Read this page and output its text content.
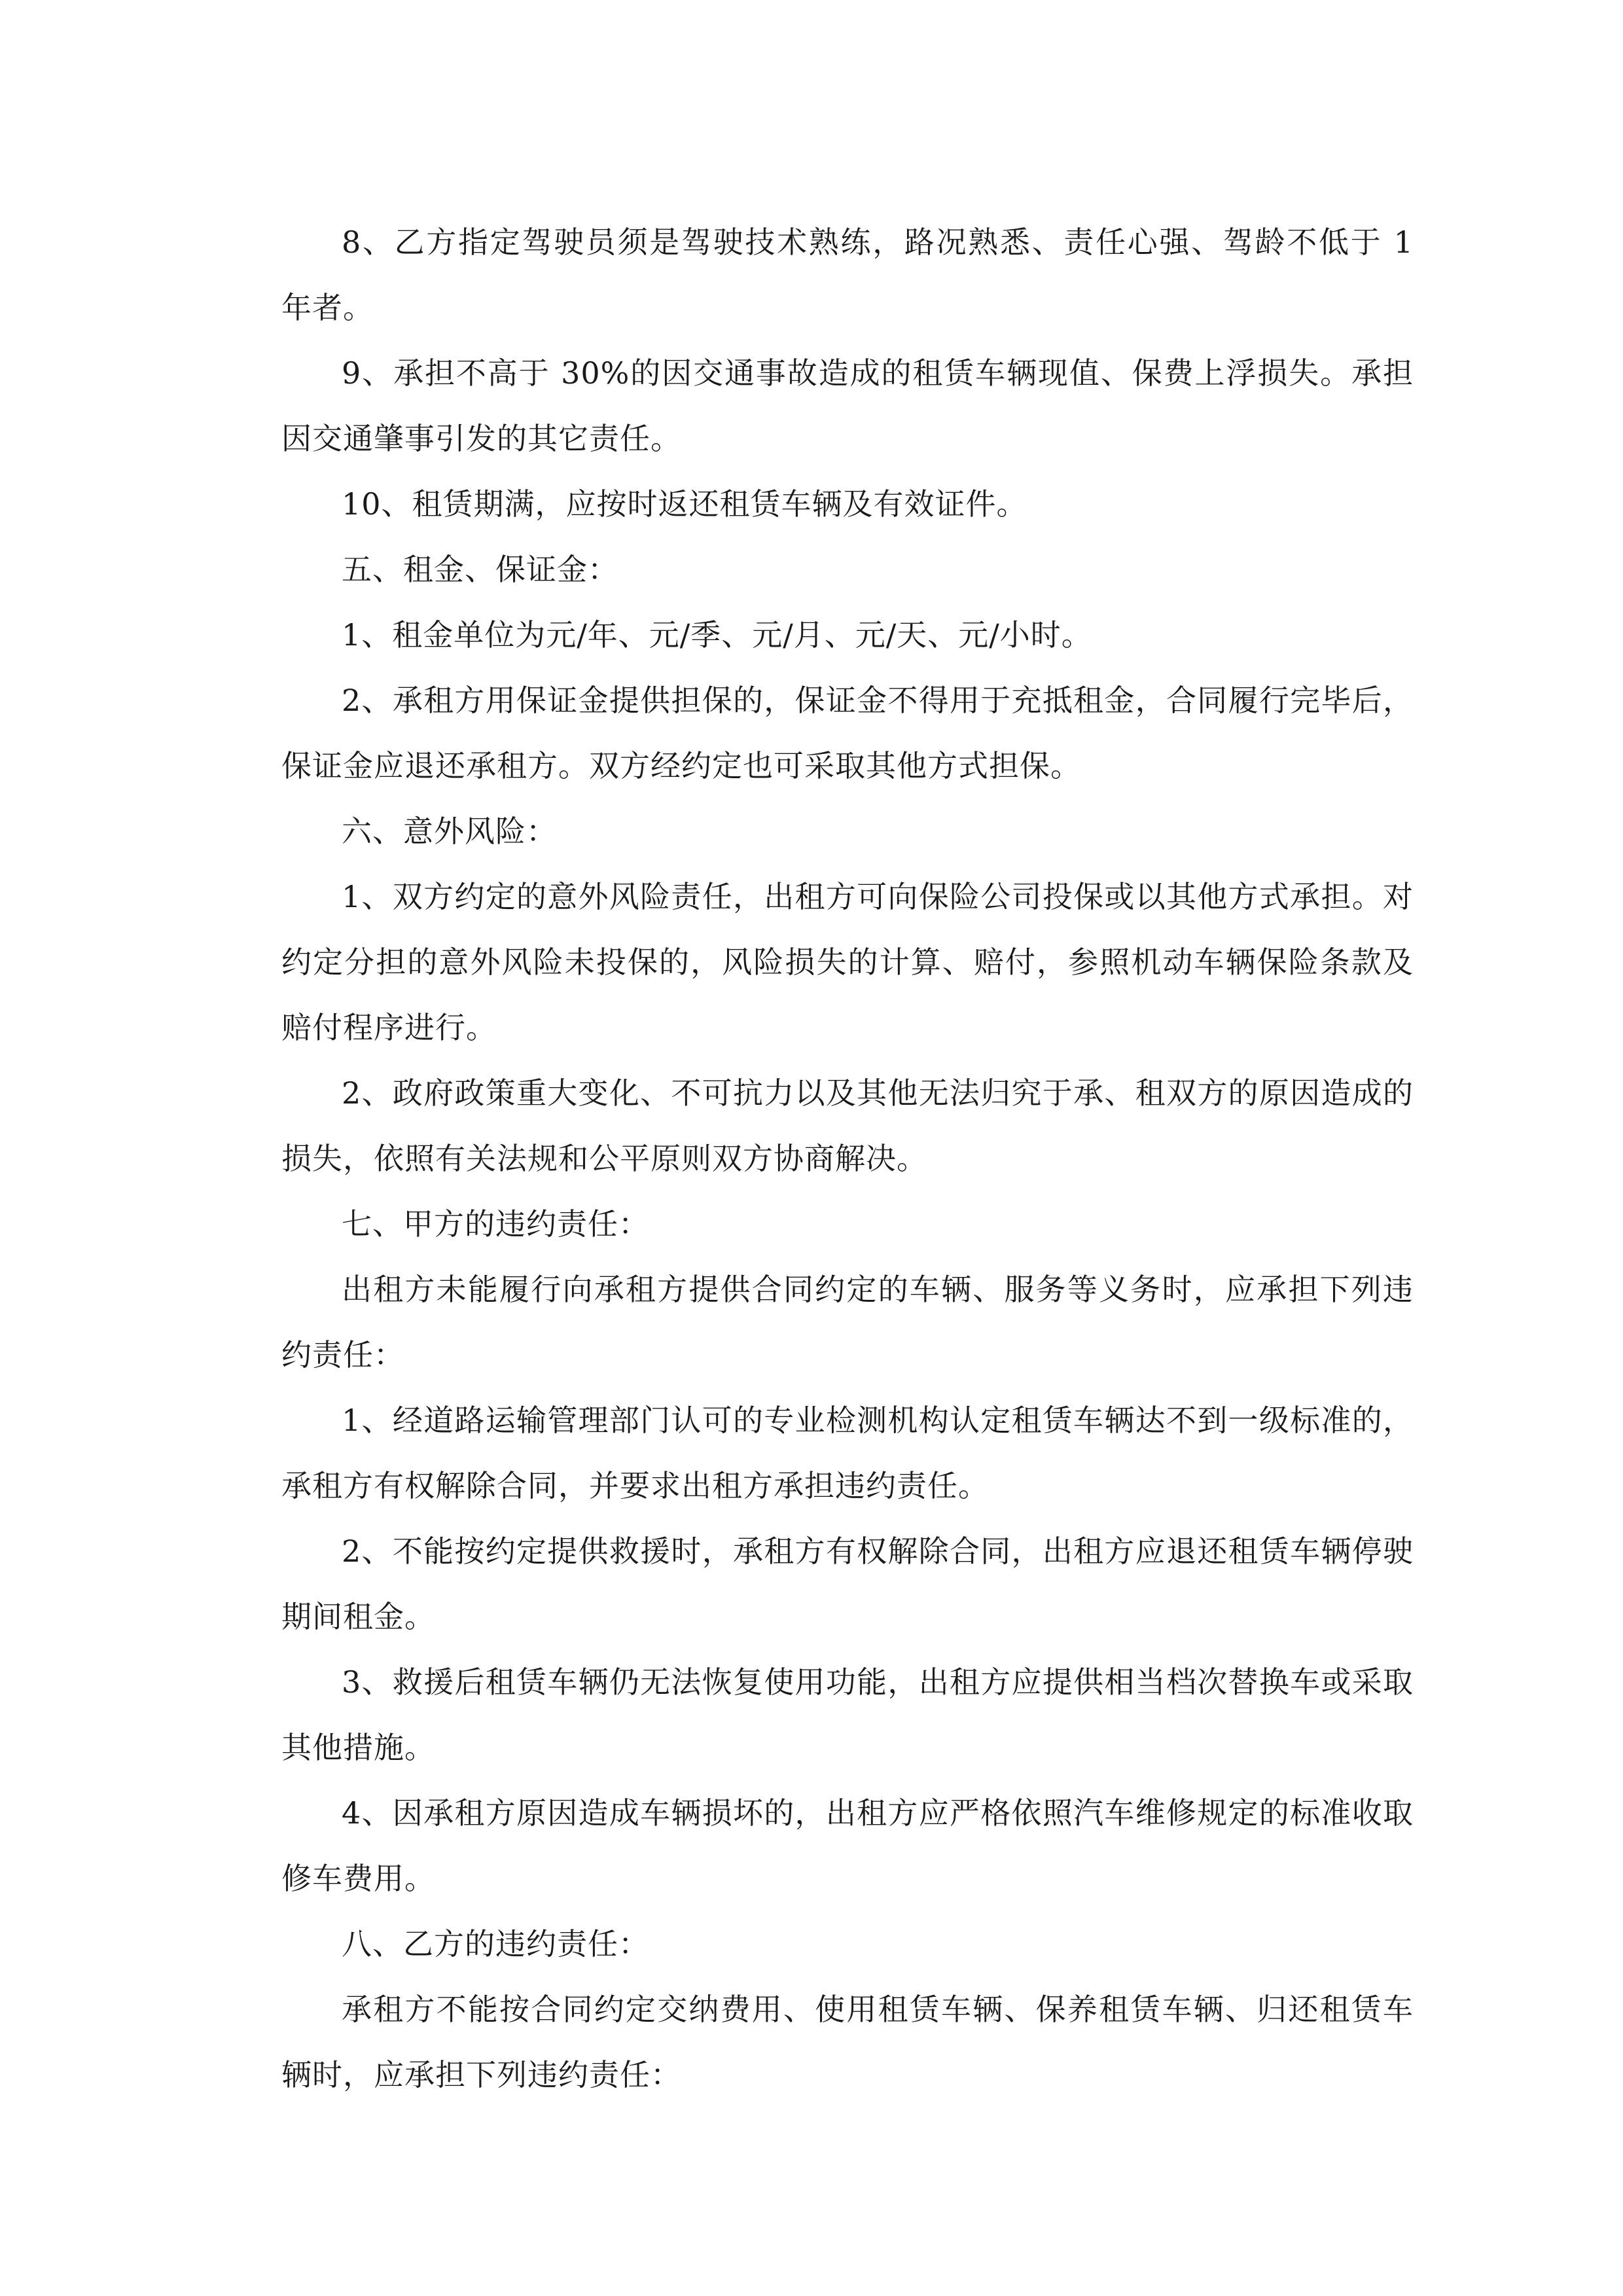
8、乙方指定驾驶员须是驾驶技术熟练，路况熟悉、责任心强、驾龄不低于 1 年者。

9、承担不高于 30%的因交通事故造成的租赁车辆现值、保费上浮损失。承担因交通肇事引发的其它责任。

10、租赁期满，应按时返还租赁车辆及有效证件。

五、租金、保证金：

1、租金单位为元/年、元/季、元/月、元/天、元/小时。

2、承租方用保证金提供担保的，保证金不得用于充抵租金，合同履行完毕后，保证金应退还承租方。双方经约定也可采取其他方式担保。

六、意外风险：

1、双方约定的意外风险责任，出租方可向保险公司投保或以其他方式承担。对约定分担的意外风险未投保的，风险损失的计算、赔付，参照机动车辆保险条款及赔付程序进行。

2、政府政策重大变化、不可抗力以及其他无法归究于承、租双方的原因造成的损失，依照有关法规和公平原则双方协商解决。

七、甲方的违约责任：

出租方未能履行向承租方提供合同约定的车辆、服务等义务时，应承担下列违约责任：

1、经道路运输管理部门认可的专业检测机构认定租赁车辆达不到一级标准的，承租方有权解除合同，并要求出租方承担违约责任。

2、不能按约定提供救援时，承租方有权解除合同，出租方应退还租赁车辆停驶期间租金。

3、救援后租赁车辆仍无法恢复使用功能，出租方应提供相当档次替换车或采取其他措施。

4、因承租方原因造成车辆损坏的，出租方应严格依照汽车维修规定的标准收取修车费用。

八、乙方的违约责任：

承租方不能按合同约定交纳费用、使用租赁车辆、保养租赁车辆、归还租赁车辆时，应承担下列违约责任：
